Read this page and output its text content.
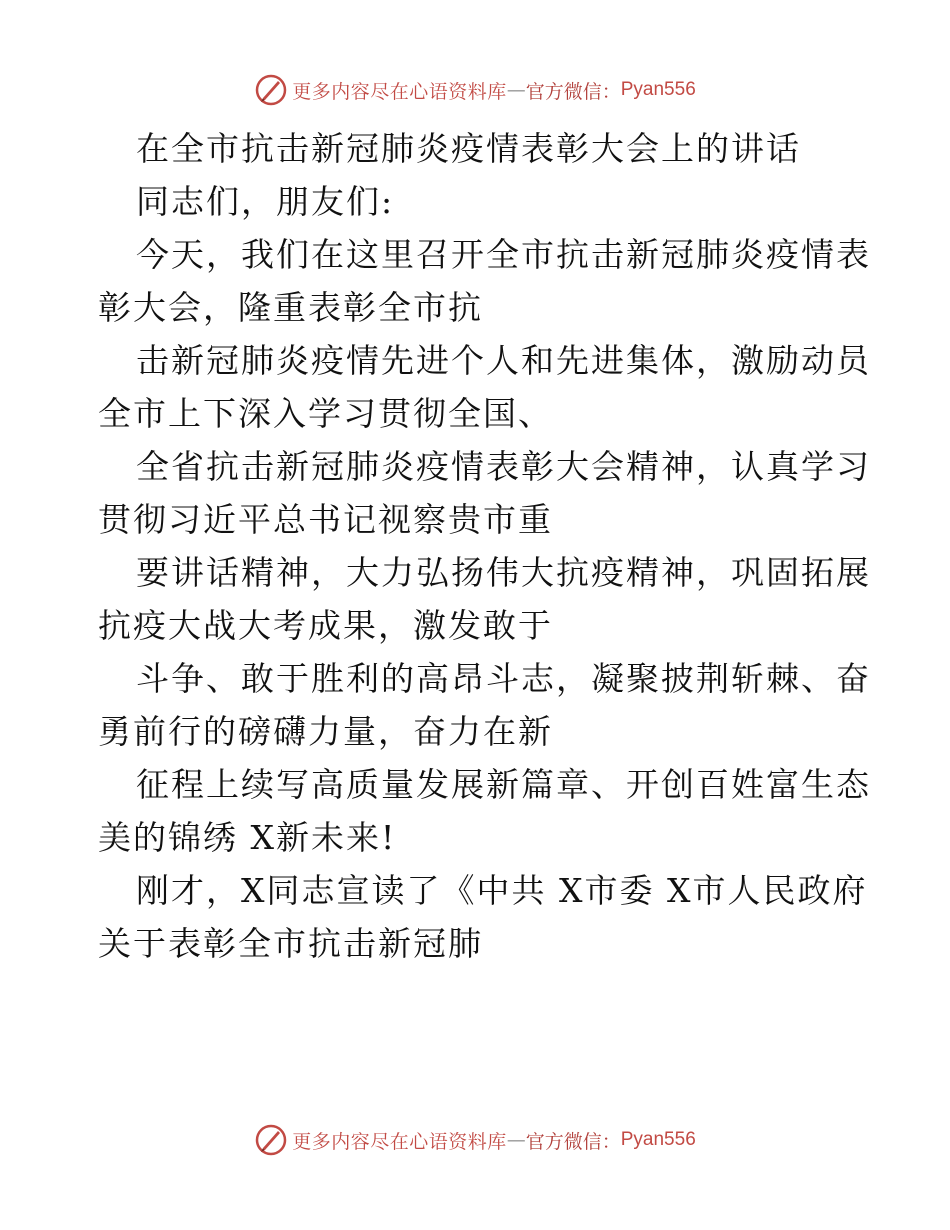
更多内容尽在心语资料库 — 官方微信： Pyan556
在全市抗击新冠肺炎疫情表彰大会上的讲话
同志们，朋友们:
今天，我们在这里召开全市抗击新冠肺炎疫情表
彰大会，隆重表彰全市抗
击新冠肺炎疫情先进个人和先进集体，激励动员
全市上下深入学习贯彻全国、
全省抗击新冠肺炎疫情表彰大会精神，认真学习
贯彻习近平总书记视察贵市重
要讲话精神，大力弘扬伟大抗疫精神，巩固拓展
抗疫大战大考成果，激发敢于
斗争、敢于胜利的高昂斗志，凝聚披荆斩棘、奋
勇前行的磅礴力量，奋力在新
征程上续写高质量发展新篇章、开创百姓富生态
美的锦绣 X新未来!
刚才，X同志宣读了《中共 X市委 X市人民政府
关于表彰全市抗击新冠肺
更多内容尽在心语资料库 — 官方微信： Pyan556
